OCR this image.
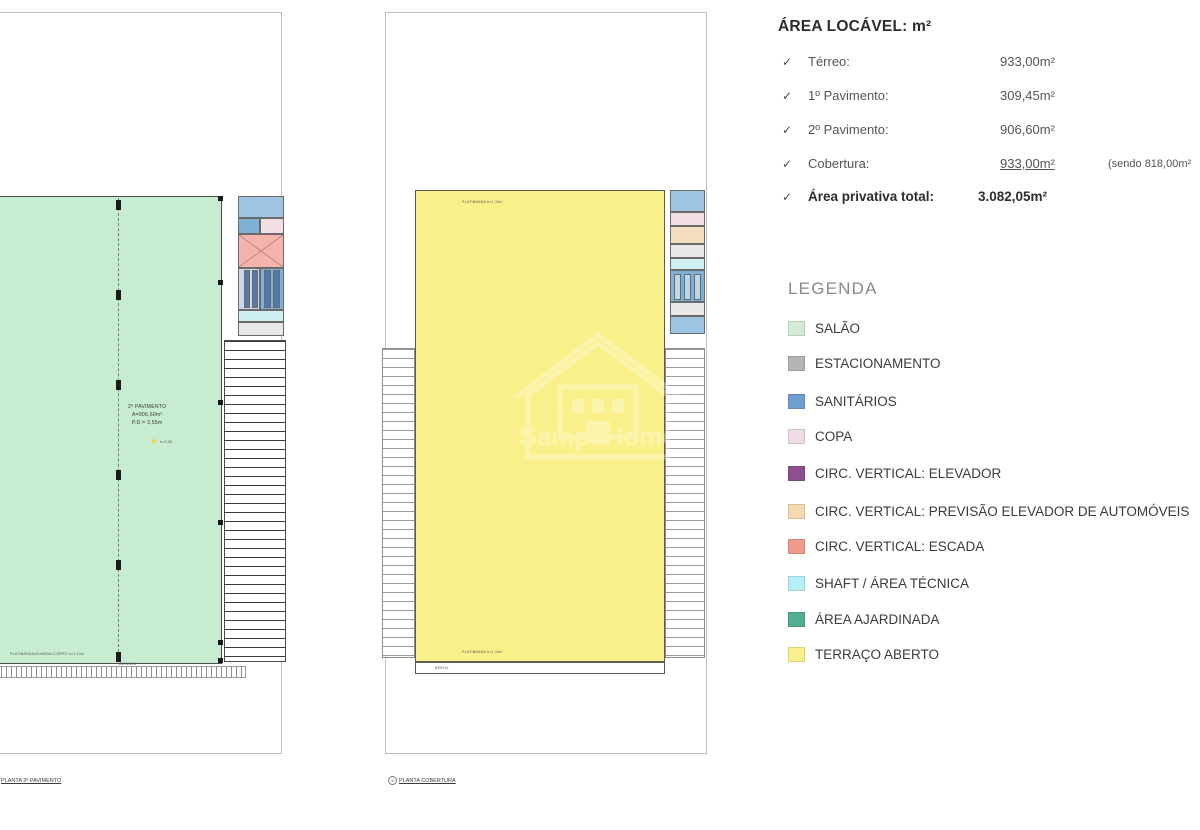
2º PAVIMENTO
A=906,60m²
P.D.= 3,55m
⚡ h=3,55
PLATIBANDA/GUARDA-CORPO h=1,10m
VARANDA
PLANTA 2º PAVIMENTO
PLATIBANDA h=1,10m
PLATIBANDA h=1,10m
BEIRAL
5 PLANTA COBERTURA
SampaHome
ÁREA LOCÁVEL: m²
✓ Térreo:	933,00m²
✓ 1º Pavimento:	309,45m²
✓ 2º Pavimento:	906,60m²
✓ Cobertura:	933,00m²	(sendo 818,00m²
✓ Área privativa total:	3.082,05m²
LEGENDA
SALÃO
ESTACIONAMENTO
SANITÁRIOS
COPA
CIRC. VERTICAL: ELEVADOR
CIRC. VERTICAL: PREVISÃO ELEVADOR DE AUTOMÓVEIS
CIRC. VERTICAL: ESCADA
SHAFT / ÁREA TÉCNICA
ÁREA AJARDINADA
TERRAÇO ABERTO
